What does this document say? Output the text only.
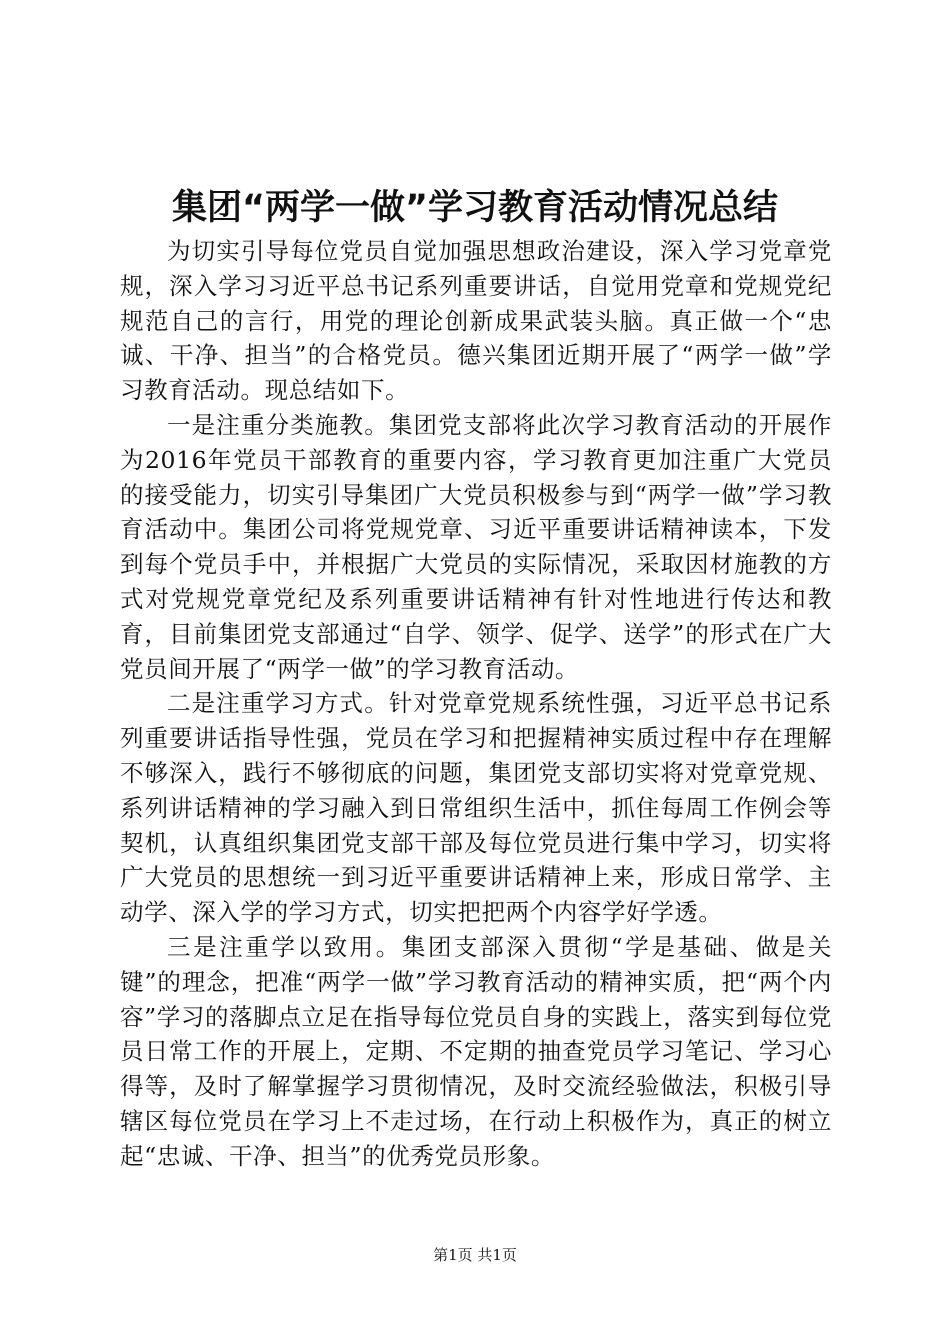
集团“两学一做”学习教育活动情况总结

为切实引导每位党员自觉加强思想政治建设，深入学习党章党规，深入学习习近平总书记系列重要讲话，自觉用党章和党规党纪规范自己的言行，用党的理论创新成果武装头脑。真正做一个“忠诚、干净、担当”的合格党员。德兴集团近期开展了“两学一做”学习教育活动。现总结如下。

一是注重分类施教。集团党支部将此次学习教育活动的开展作为2016年党员干部教育的重要内容，学习教育更加注重广大党员的接受能力，切实引导集团广大党员积极参与到“两学一做”学习教育活动中。集团公司将党规党章、习近平重要讲话精神读本，下发到每个党员手中，并根据广大党员的实际情况，采取因材施教的方式对党规党章党纪及系列重要讲话精神有针对性地进行传达和教育，目前集团党支部通过“自学、领学、促学、送学”的形式在广大党员间开展了“两学一做”的学习教育活动。

二是注重学习方式。针对党章党规系统性强，习近平总书记系列重要讲话指导性强，党员在学习和把握精神实质过程中存在理解不够深入，践行不够彻底的问题，集团党支部切实将对党章党规、系列讲话精神的学习融入到日常组织生活中，抓住每周工作例会等契机，认真组织集团党支部干部及每位党员进行集中学习，切实将广大党员的思想统一到习近平重要讲话精神上来，形成日常学、主动学、深入学的学习方式，切实把把两个内容学好学透。

三是注重学以致用。集团支部深入贯彻“学是基础、做是关键”的理念，把准“两学一做”学习教育活动的精神实质，把“两个内容”学习的落脚点立足在指导每位党员自身的实践上，落实到每位党员日常工作的开展上，定期、不定期的抽查党员学习笔记、学习心得等，及时了解掌握学习贯彻情况，及时交流经验做法，积极引导辖区每位党员在学习上不走过场，在行动上积极作为，真正的树立起“忠诚、干净、担当”的优秀党员形象。

第1页 共1页
